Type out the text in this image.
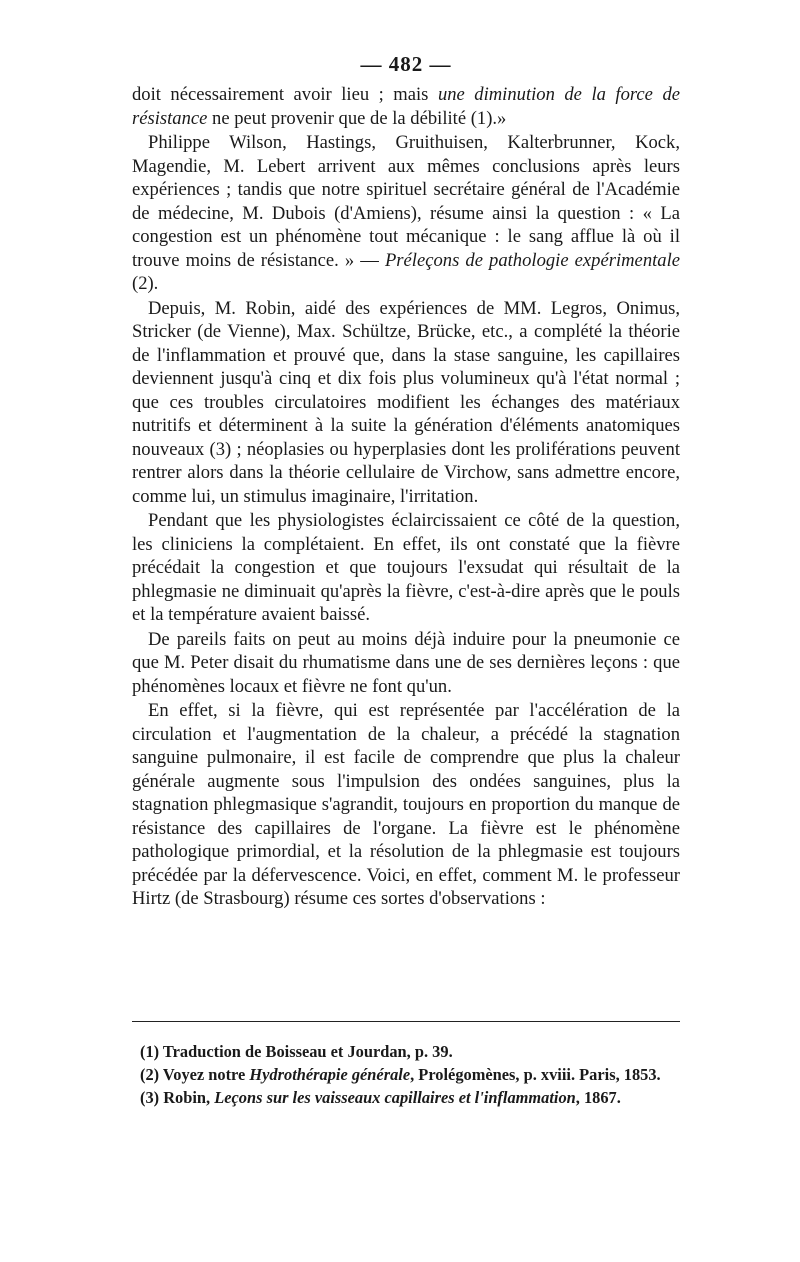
— 482 —

doit nécessairement avoir lieu ; mais une diminution de la force de résistance ne peut provenir que de la débilité (1).»

Philippe Wilson, Hastings, Gruithuisen, Kalterbrunner, Kock, Magendie, M. Lebert arrivent aux mêmes conclusions après leurs expériences ; tandis que notre spirituel secrétaire général de l'Académie de médecine, M. Dubois (d'Amiens), résume ainsi la question : « La congestion est un phénomène tout mécanique : le sang afflue là où il trouve moins de résistance. » — Préleçons de pathologie expérimentale (2).

Depuis, M. Robin, aidé des expériences de MM. Legros, Onimus, Stricker (de Vienne), Max. Schültze, Brücke, etc., a complété la théorie de l'inflammation et prouvé que, dans la stase sanguine, les capillaires deviennent jusqu'à cinq et dix fois plus volumineux qu'à l'état normal ; que ces troubles circulatoires modifient les échanges des matériaux nutritifs et déterminent à la suite la génération d'éléments anatomiques nouveaux (3) ; néoplasies ou hyperplasies dont les proliférations peuvent rentrer alors dans la théorie cellulaire de Virchow, sans admettre encore, comme lui, un stimulus imaginaire, l'irritation.

Pendant que les physiologistes éclaircissaient ce côté de la question, les cliniciens la complétaient. En effet, ils ont constaté que la fièvre précédait la congestion et que toujours l'exsudat qui résultait de la phlegmasie ne diminuait qu'après la fièvre, c'est-à-dire après que le pouls et la température avaient baissé.

De pareils faits on peut au moins déjà induire pour la pneumonie ce que M. Peter disait du rhumatisme dans une de ses dernières leçons : que phénomènes locaux et fièvre ne font qu'un.

En effet, si la fièvre, qui est représentée par l'accélération de la circulation et l'augmentation de la chaleur, a précédé la stagnation sanguine pulmonaire, il est facile de comprendre que plus la chaleur générale augmente sous l'impulsion des ondées sanguines, plus la stagnation phlegmasique s'agrandit, toujours en proportion du manque de résistance des capillaires de l'organe. La fièvre est le phénomène pathologique primordial, et la résolution de la phlegmasie est toujours précédée par la défervescence. Voici, en effet, comment M. le professeur Hirtz (de Strasbourg) résume ces sortes d'observations :

(1) Traduction de Boisseau et Jourdan, p. 39.
(2) Voyez notre Hydrothérapie générale, Prolégomènes, p. xviii. Paris, 1853.
(3) Robin, Leçons sur les vaisseaux capillaires et l'inflammation, 1867.
